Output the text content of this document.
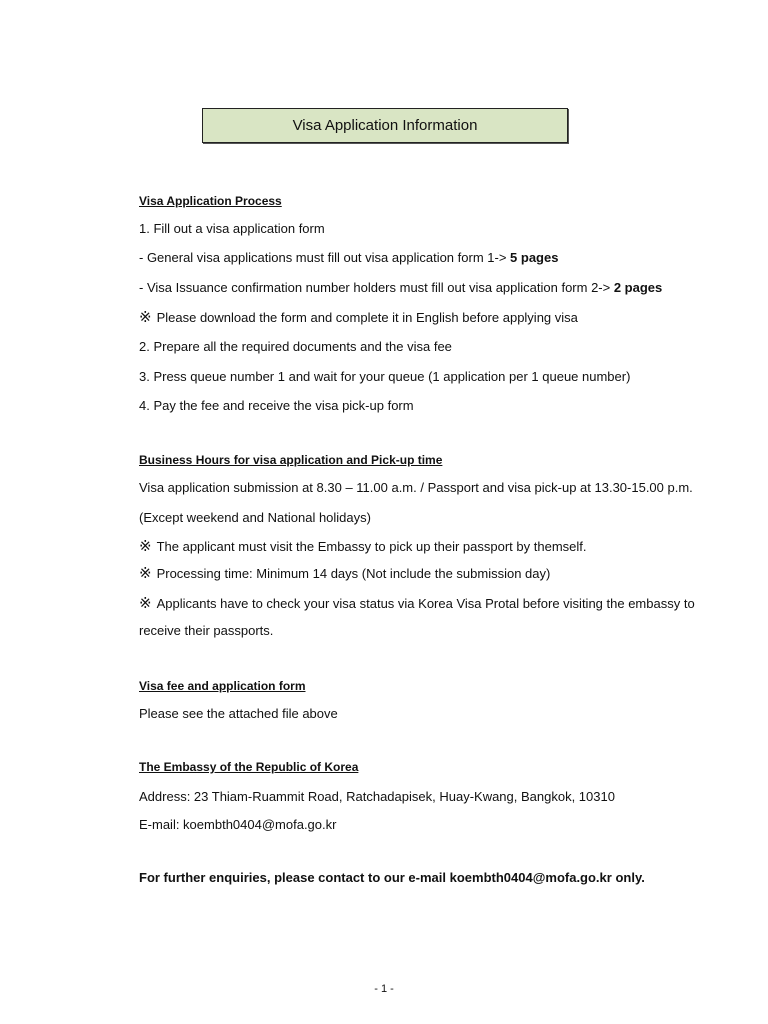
Visa Application Information
Visa Application Process
1. Fill out a visa application form
- General visa applications must fill out visa application form 1-> 5 pages
- Visa Issuance confirmation number holders must fill out visa application form 2-> 2 pages
※ Please download the form and complete it in English before applying visa
2. Prepare all the required documents and the visa fee
3. Press queue number 1 and wait for your queue (1 application per 1 queue number)
4. Pay the fee and receive the visa pick-up form
Business Hours for visa application and Pick-up time
Visa application submission at 8.30 – 11.00 a.m. / Passport and visa pick-up at 13.30-15.00 p.m.
(Except weekend and National holidays)
※ The applicant must visit the Embassy to pick up their passport by themself.
※ Processing time: Minimum 14 days (Not include the submission day)
※ Applicants have to check your visa status via Korea Visa Protal before visiting the embassy to
receive their passports.
Visa fee and application form
Please see the attached file above
The Embassy of the Republic of Korea
Address: 23 Thiam-Ruammit Road, Ratchadapisek, Huay-Kwang, Bangkok, 10310
E-mail: koembth0404@mofa.go.kr
For further enquiries, please contact to our e-mail koembth0404@mofa.go.kr only.
- 1 -
